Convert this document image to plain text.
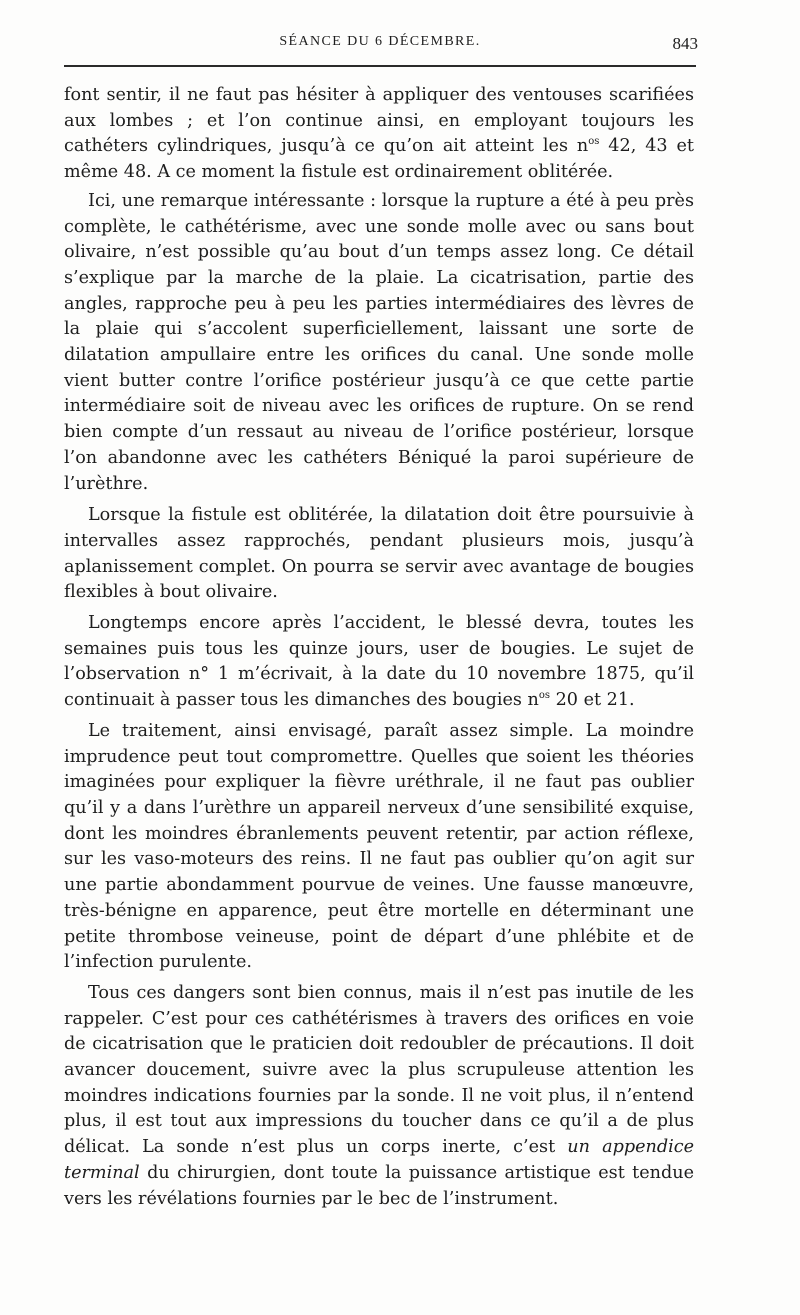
SÉANCE DU 6 DÉCEMBRE.	843

font sentir, il ne faut pas hésiter à appliquer des ventouses scarifiées aux lombes ; et l’on continue ainsi, en employant toujours les cathéters cylindriques, jusqu’à ce qu’on ait atteint les $n^{os}$ 42, 43 et même 48. A ce moment la fistule est ordinairement oblitérée.

Ici, une remarque intéressante : lorsque la rupture a été à peu près complète, le cathétérisme, avec une sonde molle avec ou sans bout olivaire, n’est possible qu’au bout d’un temps assez long. Ce détail s’explique par la marche de la plaie. La cicatrisation, partie des angles, rapproche peu à peu les parties intermédiaires des lèvres de la plaie qui s’accolent superficiellement, laissant une sorte de dilatation ampullaire entre les orifices du canal. Une sonde molle vient butter contre l’orifice postérieur jusqu’à ce que cette partie intermédiaire soit de niveau avec les orifices de rupture. On se rend bien compte d’un ressaut au niveau de l’orifice postérieur, lorsque l’on abandonne avec les cathéters Béniqué la paroi supérieure de l’urèthre.

Lorsque la fistule est oblitérée, la dilatation doit être poursuivie à intervalles assez rapprochés, pendant plusieurs mois, jusqu’à aplanissement complet. On pourra se servir avec avantage de bougies flexibles à bout olivaire.

Longtemps encore après l’accident, le blessé devra, toutes les semaines puis tous les quinze jours, user de bougies. Le sujet de l’observation n° 1 m’écrivait, à la date du 10 novembre 1875, qu’il continuait à passer tous les dimanches des bougies $n^{os}$ 20 et 21.

Le traitement, ainsi envisagé, paraît assez simple. La moindre imprudence peut tout compromettre. Quelles que soient les théories imaginées pour expliquer la fièvre uréthrale, il ne faut pas oublier qu’il y a dans l’urèthre un appareil nerveux d’une sensibilité exquise, dont les moindres ébranlements peuvent retentir, par action réflexe, sur les vaso-moteurs des reins. Il ne faut pas oublier qu’on agit sur une partie abondamment pourvue de veines. Une fausse manœuvre, très-bénigne en apparence, peut être mortelle en déterminant une petite thrombose veineuse, point de départ d’une phlébite et de l’infection purulente.

Tous ces dangers sont bien connus, mais il n’est pas inutile de les rappeler. C’est pour ces cathétérismes à travers des orifices en voie de cicatrisation que le praticien doit redoubler de précautions. Il doit avancer doucement, suivre avec la plus scrupuleuse attention les moindres indications fournies par la sonde. Il ne voit plus, il n’entend plus, il est tout aux impressions du toucher dans ce qu’il a de plus délicat. La sonde n’est plus un corps inerte, c’est un appendice terminal du chirurgien, dont toute la puissance artistique est tendue vers les révélations fournies par le bec de l’instrument.
